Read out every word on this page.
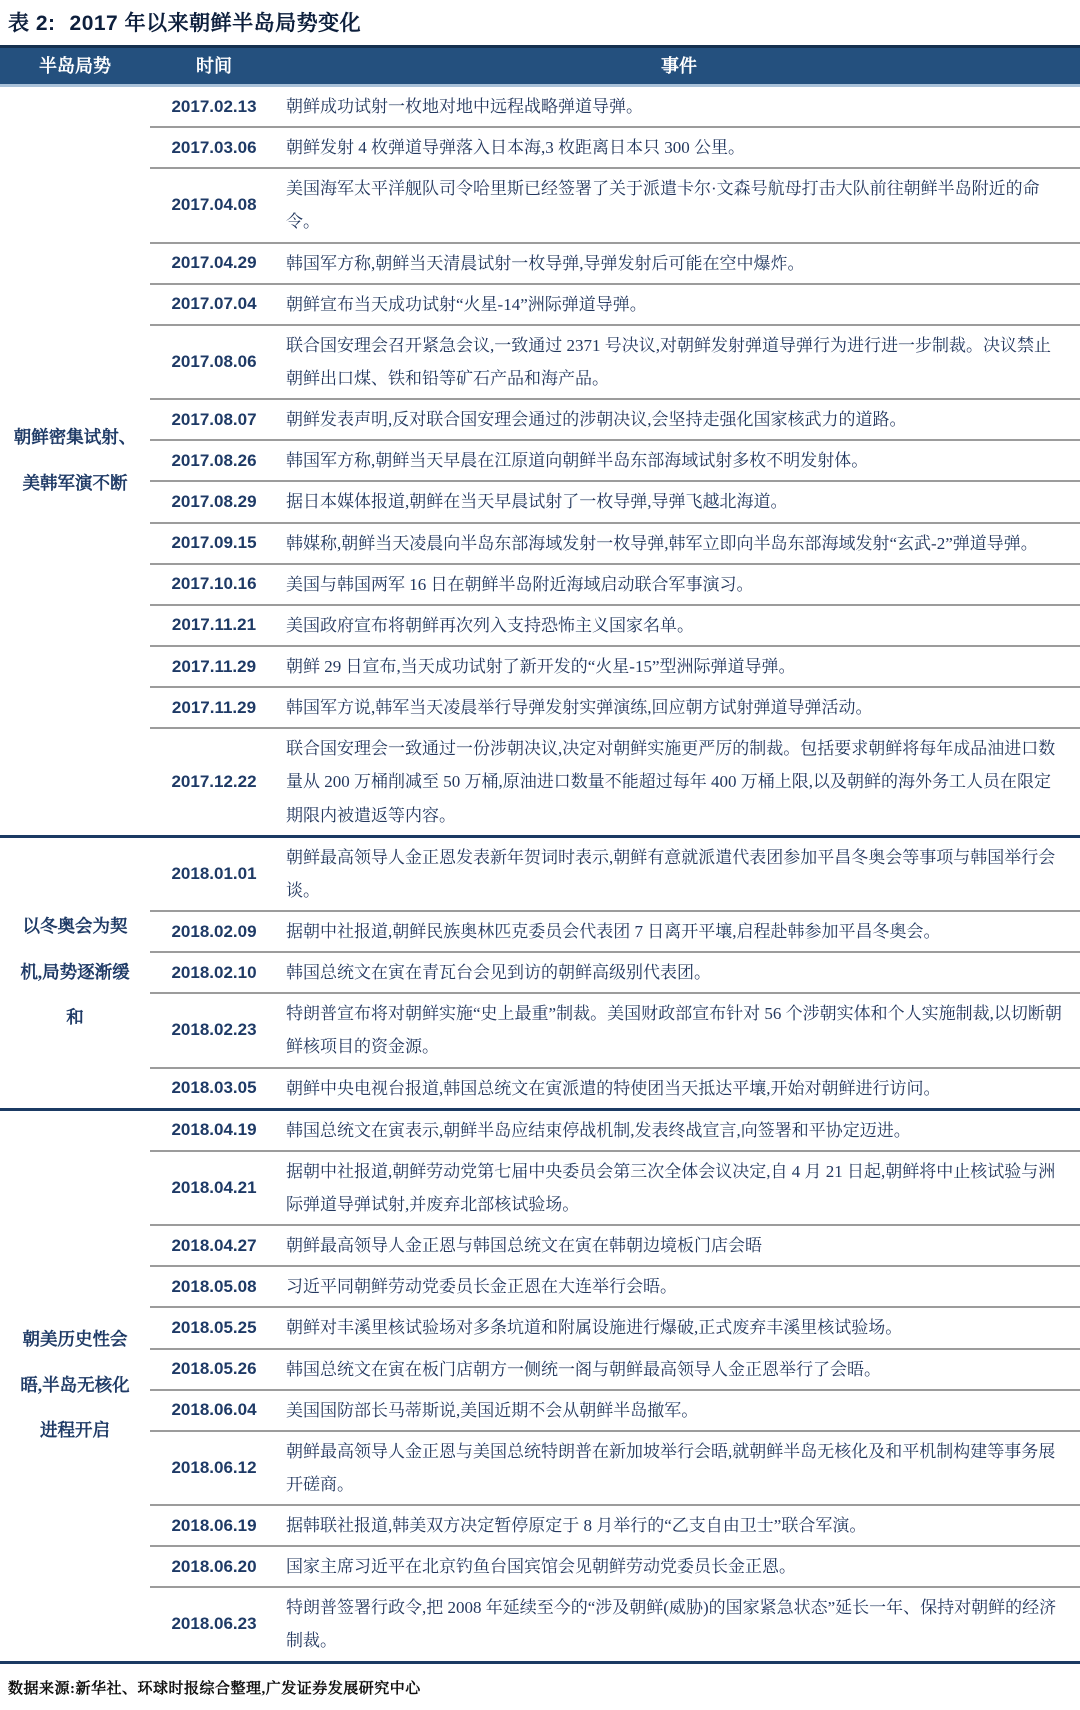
表 2: 2017 年以来朝鲜半岛局势变化
半岛局势	时间	事件
朝鲜密集试射、美韩军演不断	2017.02.13	朝鲜成功试射一枚地对地中远程战略弹道导弹。
	2017.03.06	朝鲜发射 4 枚弹道导弹落入日本海,3 枚距离日本只 300 公里。
	2017.04.08	美国海军太平洋舰队司令哈里斯已经签署了关于派遣卡尔·文森号航母打击大队前往朝鲜半岛附近的命令。
	2017.04.29	韩国军方称,朝鲜当天清晨试射一枚导弹,导弹发射后可能在空中爆炸。
	2017.07.04	朝鲜宣布当天成功试射“火星-14”洲际弹道导弹。
	2017.08.06	联合国安理会召开紧急会议,一致通过 2371 号决议,对朝鲜发射弹道导弹行为进行进一步制裁。决议禁止朝鲜出口煤、铁和铅等矿石产品和海产品。
	2017.08.07	朝鲜发表声明,反对联合国安理会通过的涉朝决议,会坚持走强化国家核武力的道路。
	2017.08.26	韩国军方称,朝鲜当天早晨在江原道向朝鲜半岛东部海域试射多枚不明发射体。
	2017.08.29	据日本媒体报道,朝鲜在当天早晨试射了一枚导弹,导弹飞越北海道。
	2017.09.15	韩媒称,朝鲜当天凌晨向半岛东部海域发射一枚导弹,韩军立即向半岛东部海域发射“玄武-2”弹道导弹。
	2017.10.16	美国与韩国两军 16 日在朝鲜半岛附近海域启动联合军事演习。
	2017.11.21	美国政府宣布将朝鲜再次列入支持恐怖主义国家名单。
	2017.11.29	朝鲜 29 日宣布,当天成功试射了新开发的“火星-15”型洲际弹道导弹。
	2017.11.29	韩国军方说,韩军当天凌晨举行导弹发射实弹演练,回应朝方试射弹道导弹活动。
	2017.12.22	联合国安理会一致通过一份涉朝决议,决定对朝鲜实施更严厉的制裁。包括要求朝鲜将每年成品油进口数量从 200 万桶削减至 50 万桶,原油进口数量不能超过每年 400 万桶上限,以及朝鲜的海外务工人员在限定期限内被遣返等内容。
以冬奥会为契机,局势逐渐缓和	2018.01.01	朝鲜最高领导人金正恩发表新年贺词时表示,朝鲜有意就派遣代表团参加平昌冬奥会等事项与韩国举行会谈。
	2018.02.09	据朝中社报道,朝鲜民族奥林匹克委员会代表团 7 日离开平壤,启程赴韩参加平昌冬奥会。
	2018.02.10	韩国总统文在寅在青瓦台会见到访的朝鲜高级别代表团。
	2018.02.23	特朗普宣布将对朝鲜实施“史上最重”制裁。美国财政部宣布针对 56 个涉朝实体和个人实施制裁,以切断朝鲜核项目的资金源。
	2018.03.05	朝鲜中央电视台报道,韩国总统文在寅派遣的特使团当天抵达平壤,开始对朝鲜进行访问。
朝美历史性会晤,半岛无核化进程开启	2018.04.19	韩国总统文在寅表示,朝鲜半岛应结束停战机制,发表终战宣言,向签署和平协定迈进。
	2018.04.21	据朝中社报道,朝鲜劳动党第七届中央委员会第三次全体会议决定,自 4 月 21 日起,朝鲜将中止核试验与洲际弹道导弹试射,并废弃北部核试验场。
	2018.04.27	朝鲜最高领导人金正恩与韩国总统文在寅在韩朝边境板门店会晤
	2018.05.08	习近平同朝鲜劳动党委员长金正恩在大连举行会晤。
	2018.05.25	朝鲜对丰溪里核试验场对多条坑道和附属设施进行爆破,正式废弃丰溪里核试验场。
	2018.05.26	韩国总统文在寅在板门店朝方一侧统一阁与朝鲜最高领导人金正恩举行了会晤。
	2018.06.04	美国国防部长马蒂斯说,美国近期不会从朝鲜半岛撤军。
	2018.06.12	朝鲜最高领导人金正恩与美国总统特朗普在新加坡举行会晤,就朝鲜半岛无核化及和平机制构建等事务展开磋商。
	2018.06.19	据韩联社报道,韩美双方决定暂停原定于 8 月举行的“乙支自由卫士”联合军演。
	2018.06.20	国家主席习近平在北京钓鱼台国宾馆会见朝鲜劳动党委员长金正恩。
	2018.06.23	特朗普签署行政令,把 2008 年延续至今的“涉及朝鲜(威胁)的国家紧急状态”延长一年、保持对朝鲜的经济制裁。
数据来源:新华社、环球时报综合整理,广发证券发展研究中心
